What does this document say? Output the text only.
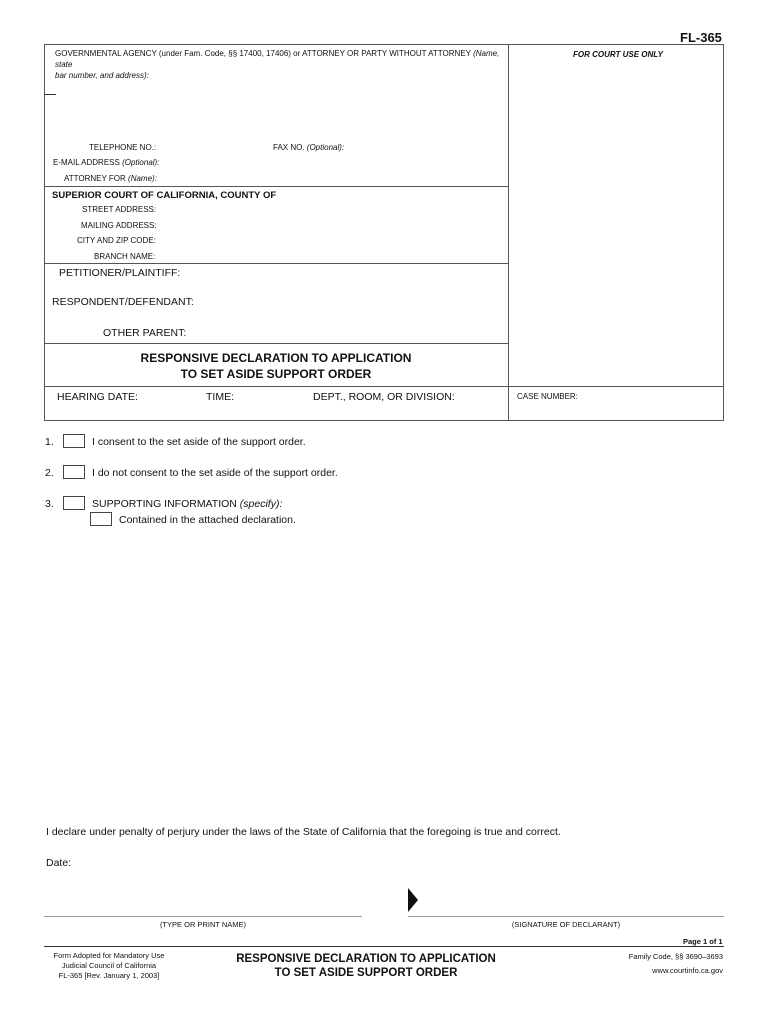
FL-365
GOVERNMENTAL AGENCY (under Fam. Code, §§ 17400, 17406) or ATTORNEY OR PARTY WITHOUT ATTORNEY (Name, state
bar number, and address):
FOR COURT USE ONLY
TELEPHONE NO.:	FAX NO. (Optional):
E-MAIL ADDRESS (Optional):
ATTORNEY FOR (Name):
SUPERIOR COURT OF CALIFORNIA, COUNTY OF
STREET ADDRESS:
MAILING ADDRESS:
CITY AND ZIP CODE:
BRANCH NAME:
PETITIONER/PLAINTIFF:
RESPONDENT/DEFENDANT:
OTHER PARENT:
RESPONSIVE DECLARATION TO APPLICATION
TO SET ASIDE SUPPORT ORDER
HEARING DATE:	TIME:	DEPT., ROOM, OR DIVISION:	CASE NUMBER:
1.	I consent to the set aside of the support order.
2.	I do not consent to the set aside of the support order.
3.	SUPPORTING INFORMATION (specify):
Contained in the attached declaration.
I declare under penalty of perjury under the laws of the State of California that the foregoing is true and correct.
Date:
(TYPE OR PRINT NAME)	(SIGNATURE OF DECLARANT)
Page 1 of 1
Form Adopted for Mandatory Use
Judicial Council of California
FL-365 [Rev. January 1, 2003]
RESPONSIVE DECLARATION TO APPLICATION
TO SET ASIDE SUPPORT ORDER
Family Code, §§ 3690–3693
www.courtinfo.ca.gov
